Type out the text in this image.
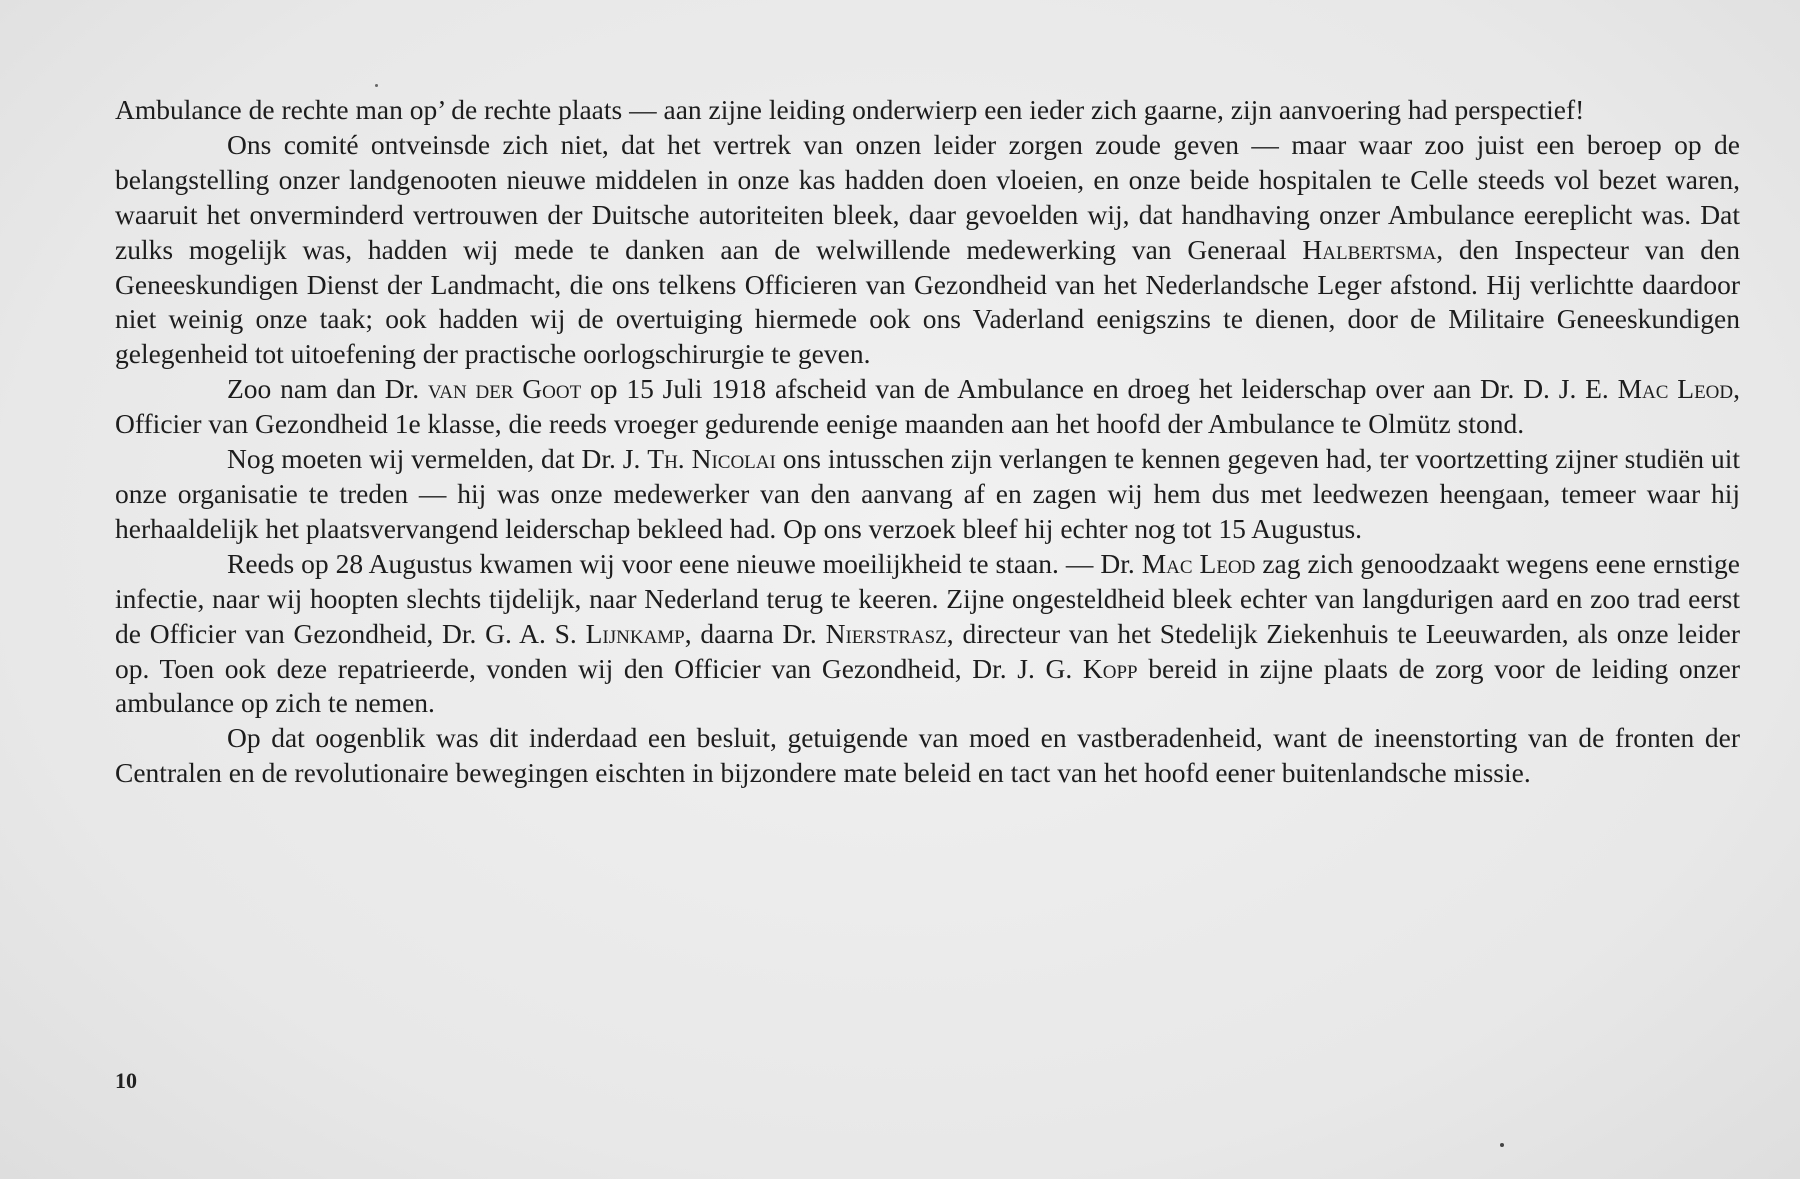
Ambulance de rechte man op’ de rechte plaats — aan zijne leiding onderwierp een ieder zich gaarne, zijn aanvoering had perspectief!

Ons comité ontveinsde zich niet, dat het vertrek van onzen leider zorgen zoude geven — maar waar zoo juist een beroep op de belangstelling onzer landgenooten nieuwe middelen in onze kas hadden doen vloeien, en onze beide hospitalen te Celle steeds vol bezet waren, waaruit het onverminderd vertrouwen der Duitsche autoriteiten bleek, daar gevoelden wij, dat handhaving onzer Ambulance eereplicht was. Dat zulks mogelijk was, hadden wij mede te danken aan de welwillende medewerking van Generaal Halbertsma, den Inspecteur van den Geneeskundigen Dienst der Landmacht, die ons telkens Officieren van Gezondheid van het Nederlandsche Leger afstond. Hij verlichtte daardoor niet weinig onze taak; ook hadden wij de overtuiging hiermede ook ons Vaderland eenigszins te dienen, door de Militaire Geneeskundigen gelegenheid tot uitoefening der practische oorlogschirurgie te geven.

Zoo nam dan Dr. van der Goot op 15 Juli 1918 afscheid van de Ambulance en droeg het leiderschap over aan Dr. D. J. E. Mac Leod, Officier van Gezondheid 1e klasse, die reeds vroeger gedurende eenige maanden aan het hoofd der Ambulance te Olmütz stond.

Nog moeten wij vermelden, dat Dr. J. Th. Nicolai ons intusschen zijn verlangen te kennen gegeven had, ter voortzetting zijner studiën uit onze organisatie te treden — hij was onze medewerker van den aanvang af en zagen wij hem dus met leedwezen heengaan, temeer waar hij herhaaldelijk het plaatsvervangend leiderschap bekleed had. Op ons verzoek bleef hij echter nog tot 15 Augustus.

Reeds op 28 Augustus kwamen wij voor eene nieuwe moeilijkheid te staan. — Dr. Mac Leod zag zich genoodzaakt wegens eene ernstige infectie, naar wij hoopten slechts tijdelijk, naar Nederland terug te keeren. Zijne ongesteldheid bleek echter van langdurigen aard en zoo trad eerst de Officier van Gezondheid, Dr. G. A. S. Lijnkamp, daarna Dr. Nierstrasz, directeur van het Stedelijk Ziekenhuis te Leeuwarden, als onze leider op. Toen ook deze repatrieerde, vonden wij den Officier van Gezondheid, Dr. J. G. Kopp bereid in zijne plaats de zorg voor de leiding onzer ambulance op zich te nemen.

Op dat oogenblik was dit inderdaad een besluit, getuigende van moed en vastberadenheid, want de ineenstorting van de fronten der Centralen en de revolutionaire bewegingen eischten in bijzondere mate beleid en tact van het hoofd eener buitenlandsche missie.

10
